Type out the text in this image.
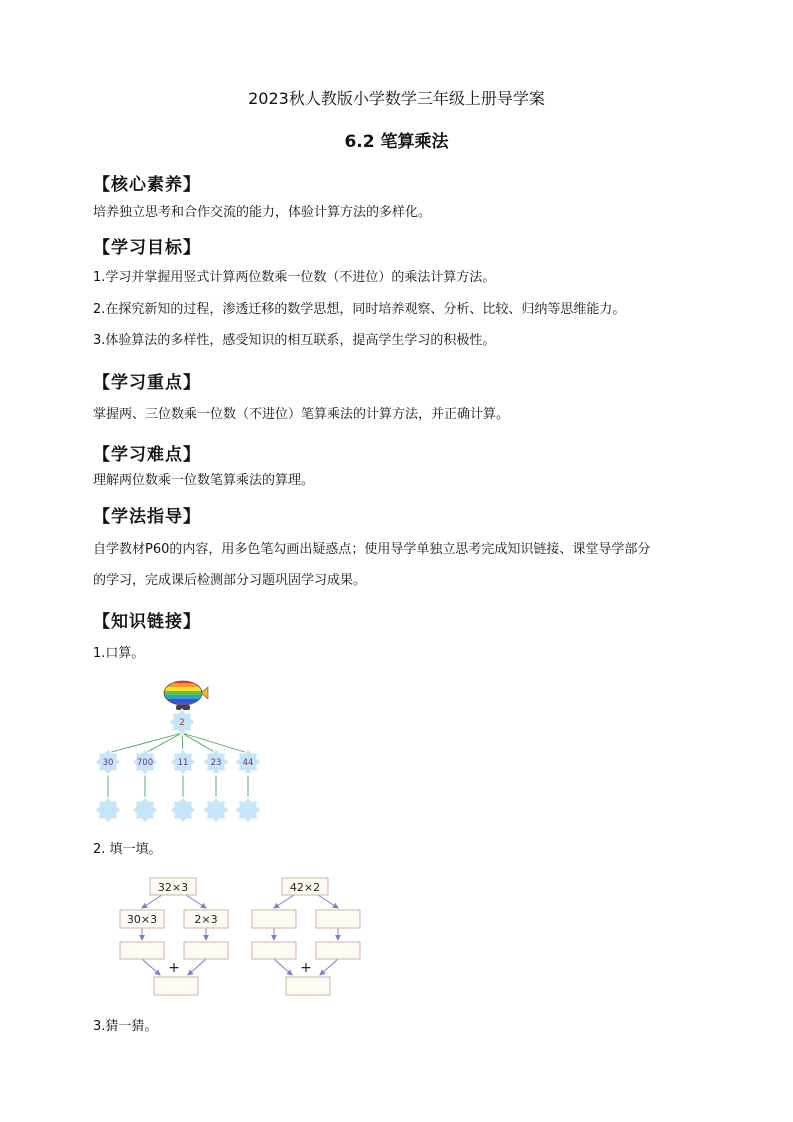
2023秋人教版小学数学三年级上册导学案
6.2 笔算乘法
【核心素养】
培养独立思考和合作交流的能力，体验计算方法的多样化。
【学习目标】
1.学习并掌握用竖式计算两位数乘一位数（不进位）的乘法计算方法。
2.在探究新知的过程，渗透迁移的数学思想，同时培养观察、分析、比较、归纳等思维能力。
3.体验算法的多样性，感受知识的相互联系，提高学生学习的积极性。
【学习重点】
掌握两、三位数乘一位数（不进位）笔算乘法的计算方法，并正确计算。
【学习难点】
理解两位数乘一位数笔算乘法的算理。
【学法指导】
自学教材P60的内容，用多色笔勾画出疑惑点；使用导学单独立思考完成知识链接、课堂导学部分
的学习，完成课后检测部分习题巩固学习成果。
【知识链接】
1.口算。
2
30	700	11	23 44
2. 填一填。
32×3
30×3	2×3
+
42×2
+
3.猜一猜。
